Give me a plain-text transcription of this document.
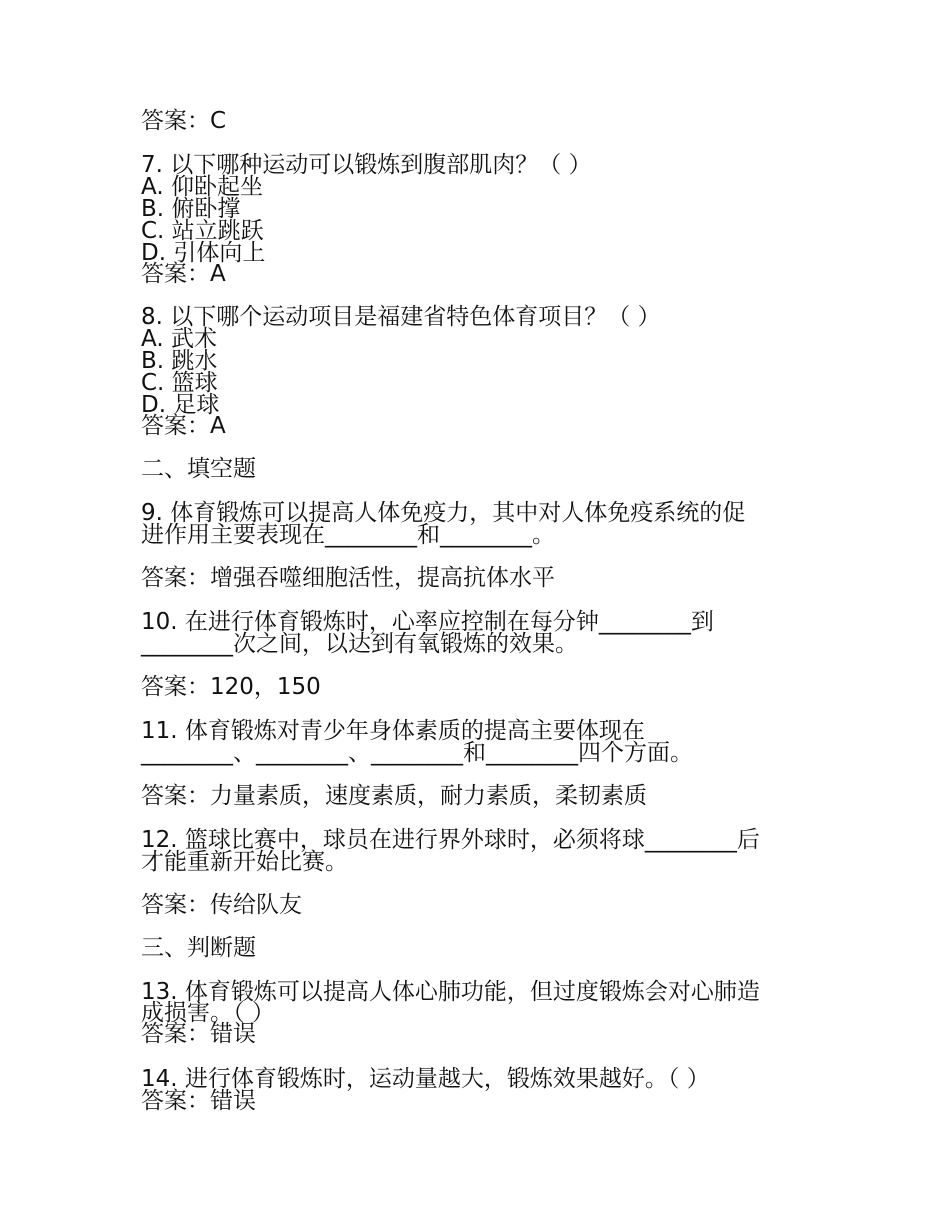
答案：C

7. 以下哪种运动可以锻炼到腹部肌肉？（ ）

A. 仰卧起坐

B. 俯卧撑

C. 站立跳跃

D. 引体向上

答案：A

8. 以下哪个运动项目是福建省特色体育项目？（ ）

A. 武术

B. 跳水

C. 篮球

D. 足球

答案：A

二、填空题

9. 体育锻炼可以提高人体免疫力，其中对人体免疫系统的促

进作用主要表现在________和________。

答案：增强吞噬细胞活性，提高抗体水平

10. 在进行体育锻炼时，心率应控制在每分钟________到

________次之间，以达到有氧锻炼的效果。

答案：120，150

11. 体育锻炼对青少年身体素质的提高主要体现在

________、________、________和________四个方面。

答案：力量素质，速度素质，耐力素质，柔韧素质

12. 篮球比赛中，球员在进行界外球时，必须将球________后

才能重新开始比赛。

答案：传给队友

三、判断题

13. 体育锻炼可以提高人体心肺功能，但过度锻炼会对心肺造

成损害。（ ）

答案：错误

14. 进行体育锻炼时，运动量越大，锻炼效果越好。（ ）

答案：错误
